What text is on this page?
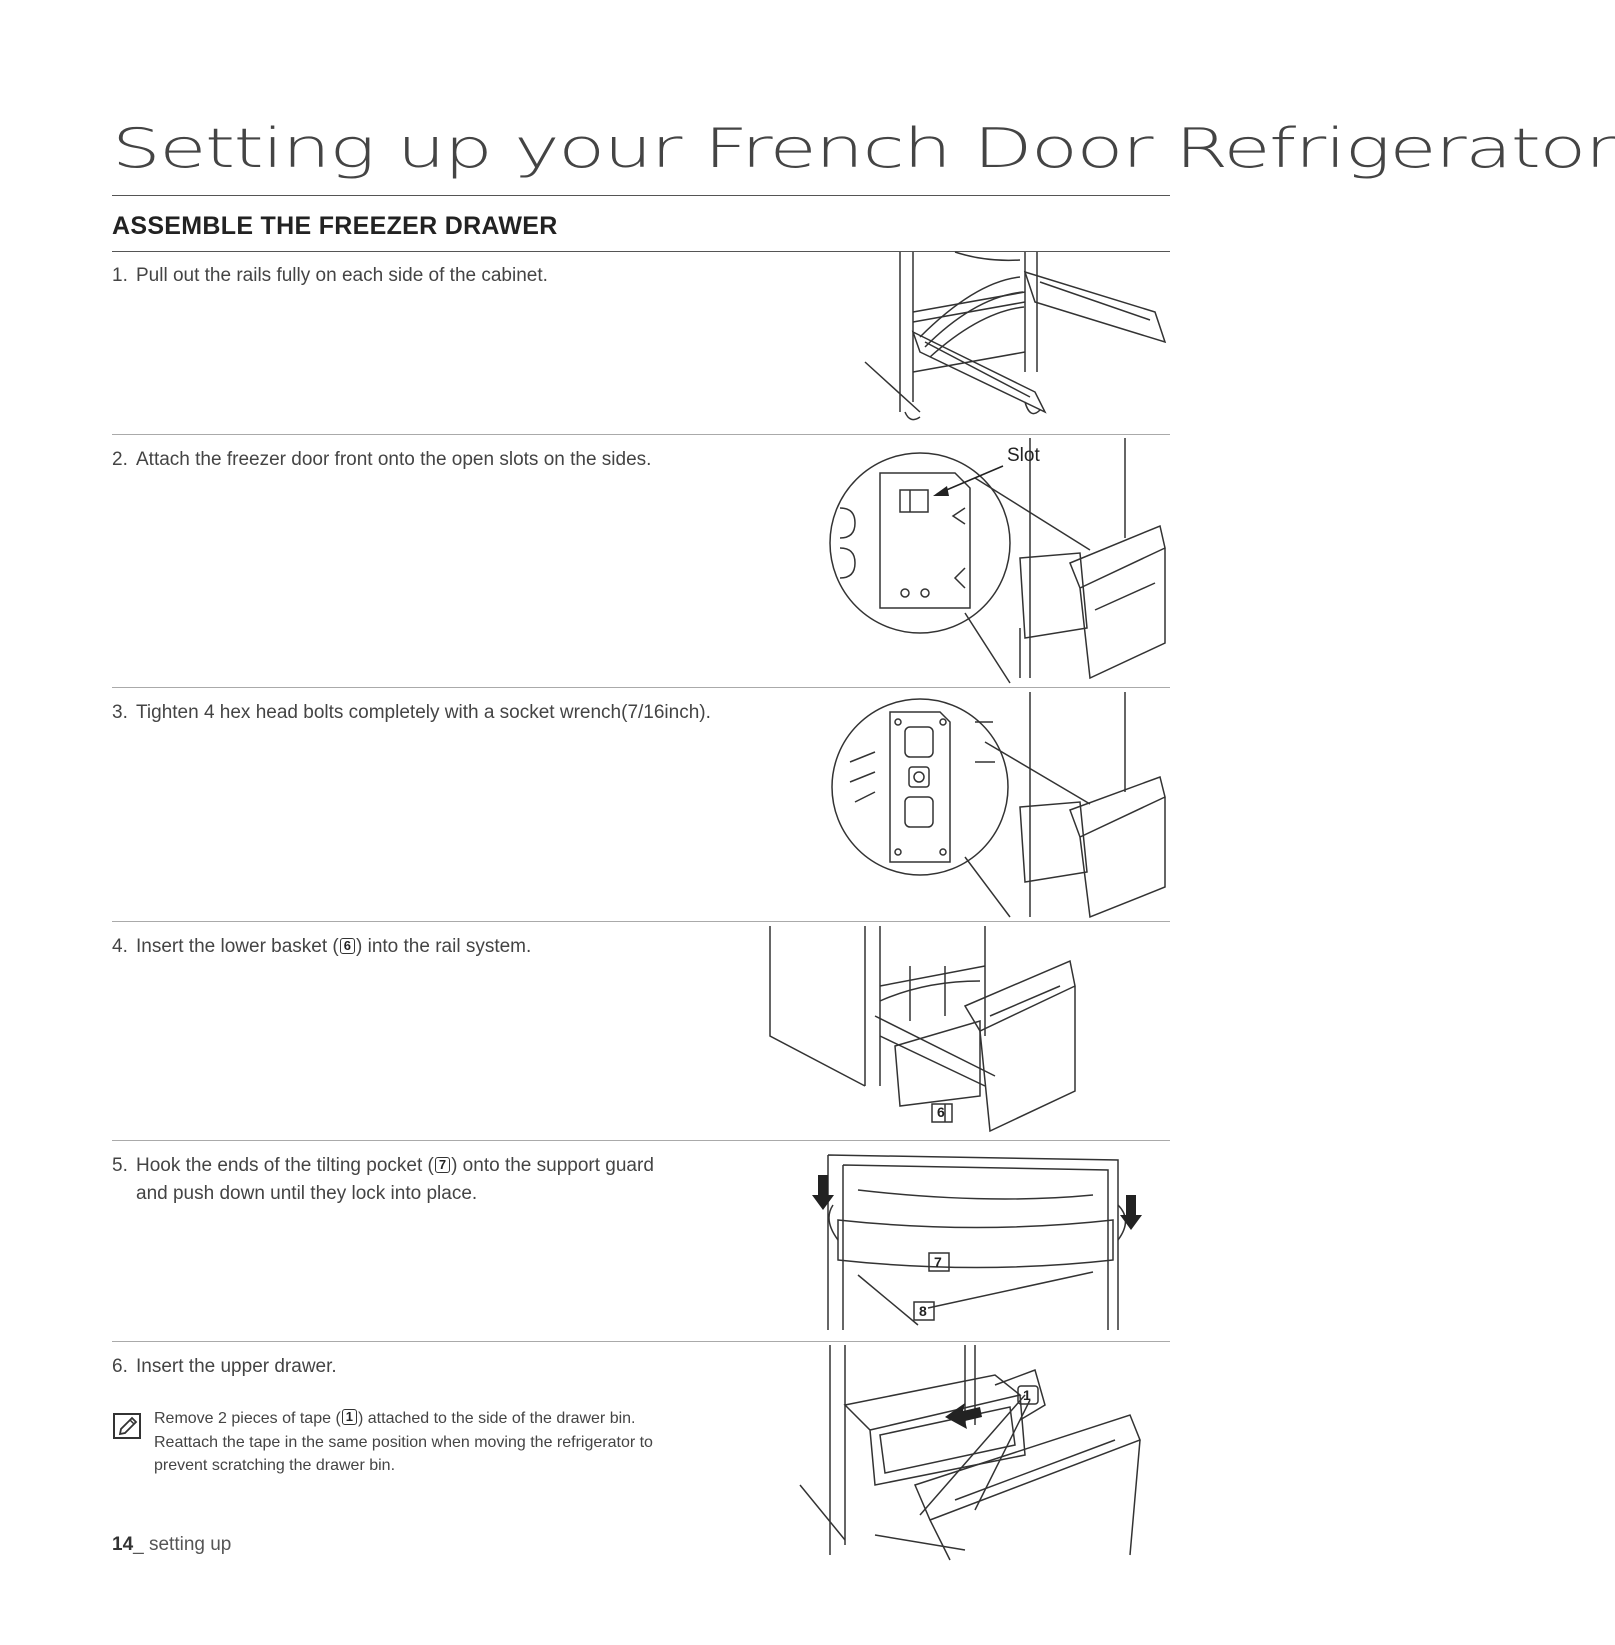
Setting up your French Door Refrigerator
ASSEMBLE THE FREEZER DRAWER
1. Pull out the rails fully on each side of the cabinet.
2. Attach the freezer door front onto the open slots on the sides.	Slot
3. Tighten 4 hex head bolts completely with a socket wrench(7/16inch).
4. Insert the lower basket ( 6 ) into the rail system.
6
5. Hook the ends of the tilting pocket ( 7 ) onto the support guard
and push down until they lock into place.
7
8
6. Insert the upper drawer.
1
Remove 2 pieces of tape ( 1 ) attached to the side of the drawer bin.
Reattach the tape in the same position when moving the refrigerator to
prevent scratching the drawer bin.
14_ setting up
